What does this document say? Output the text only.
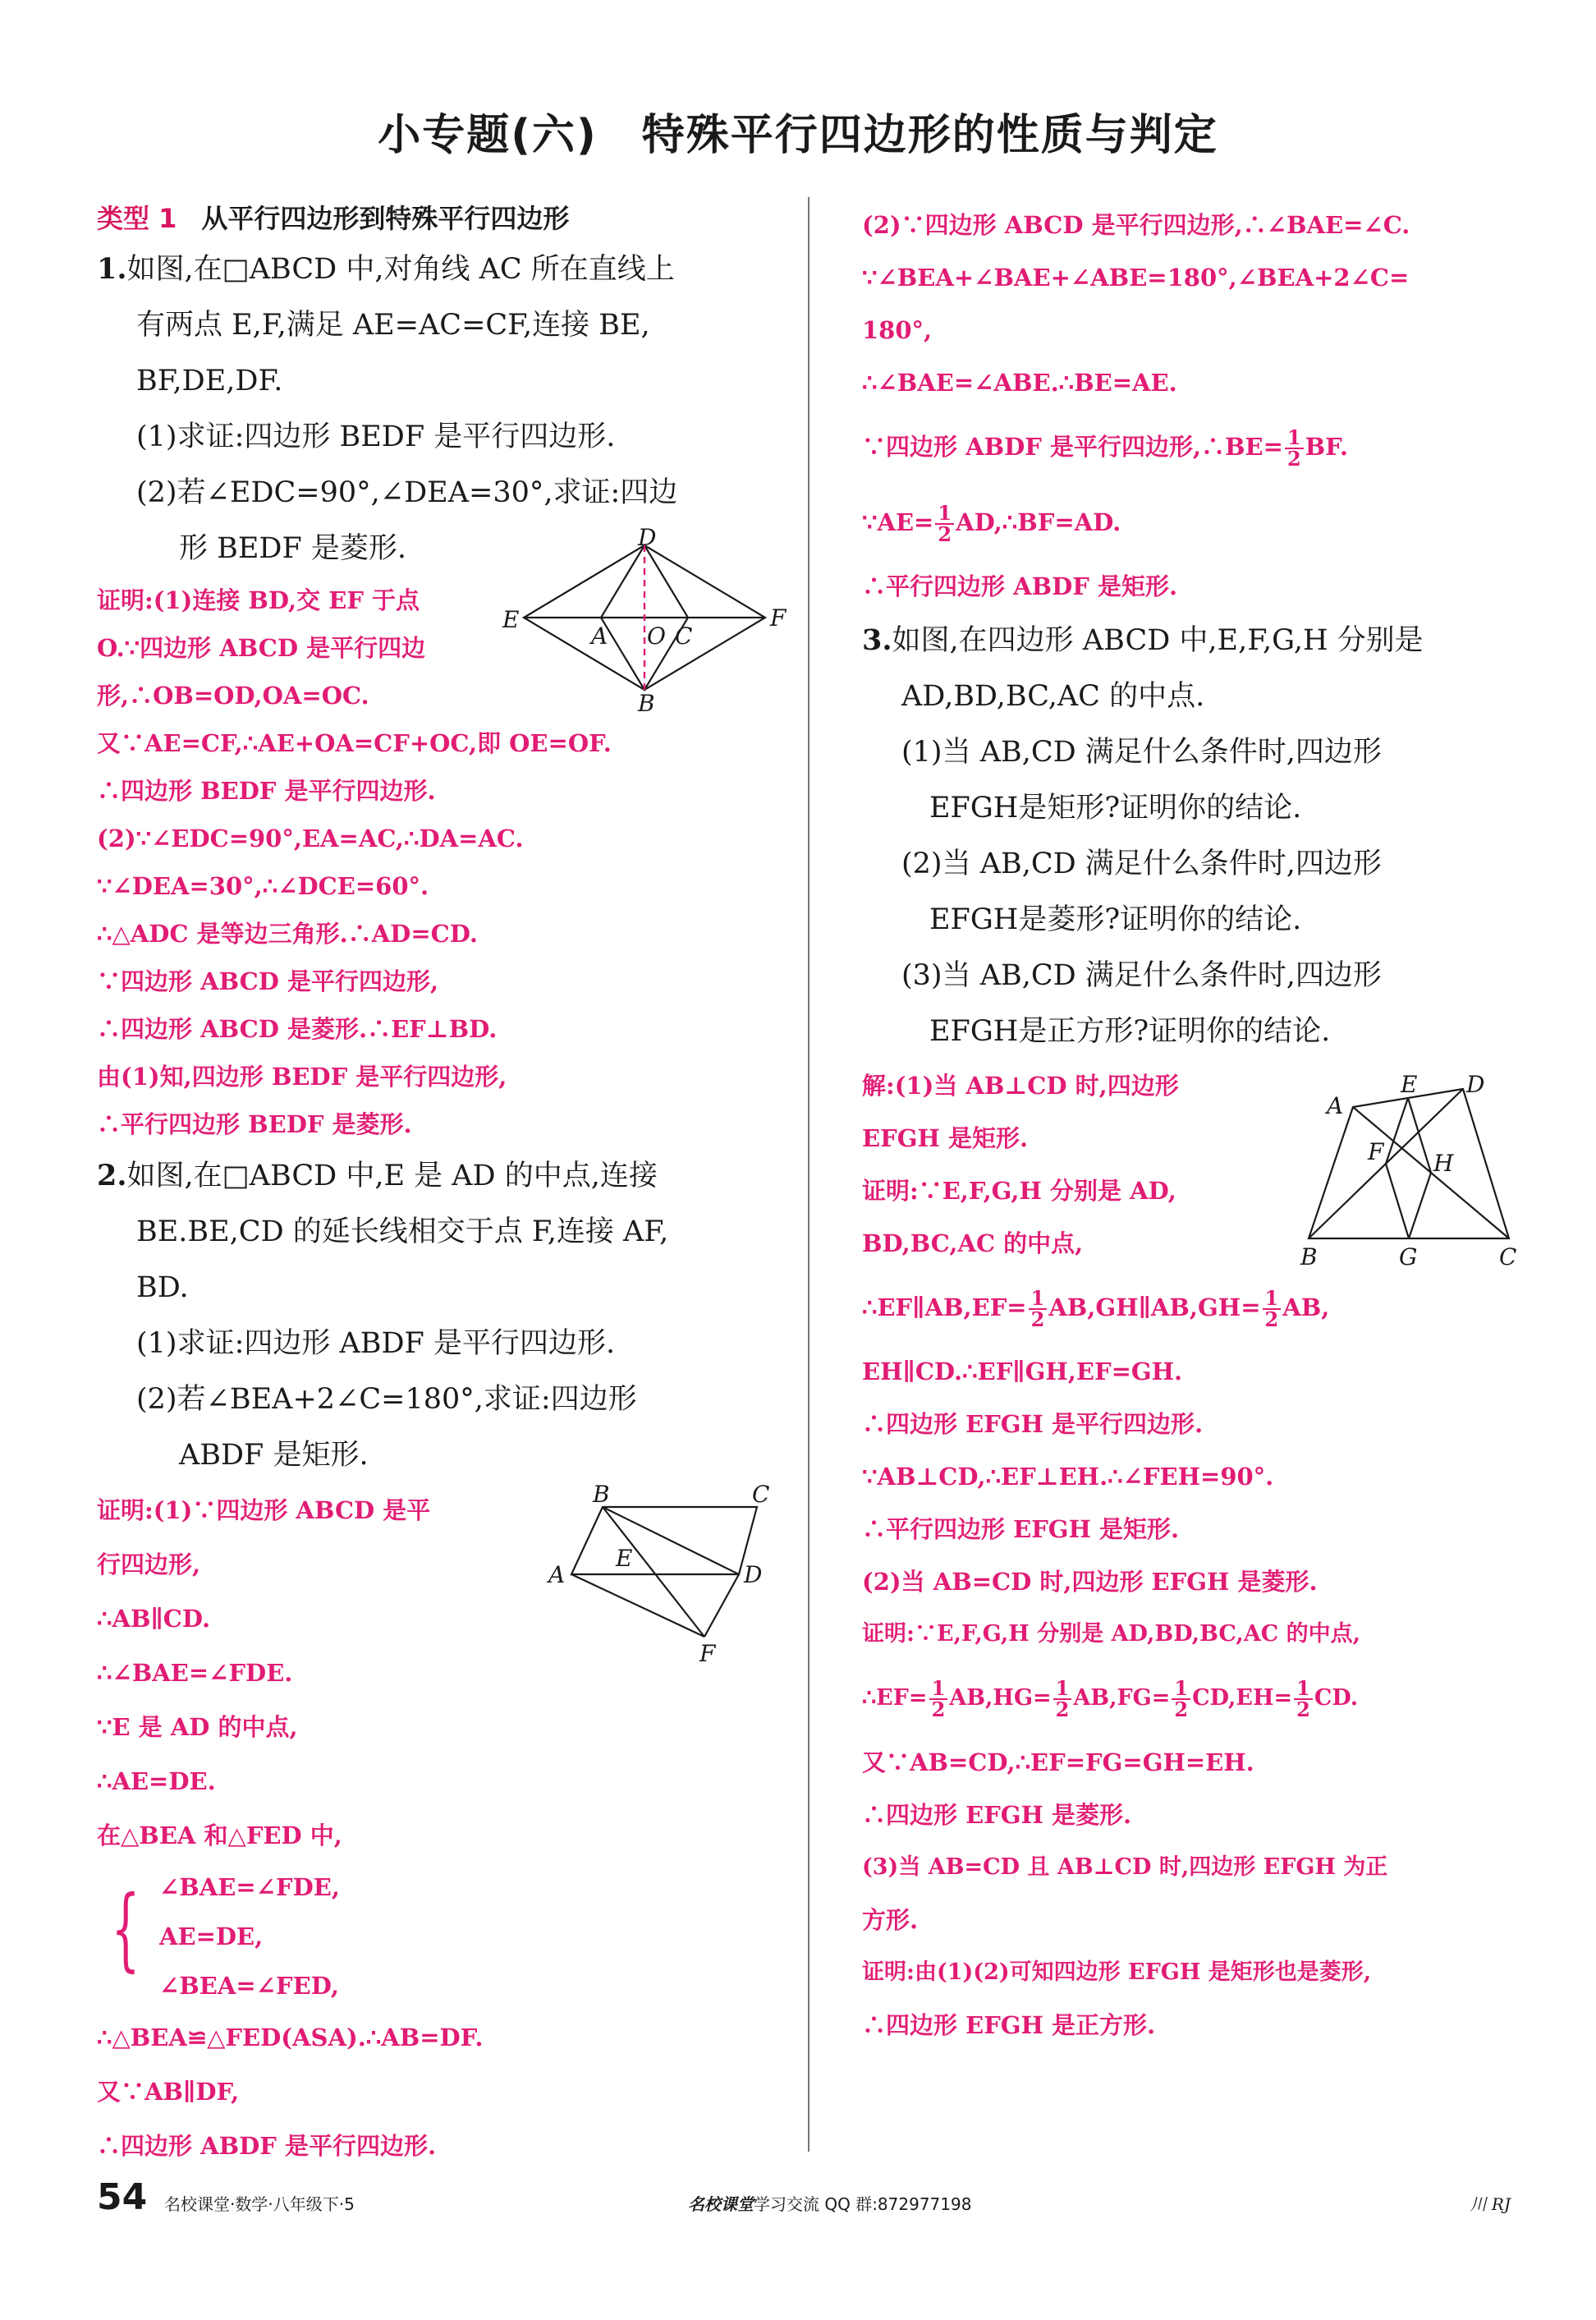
小专题(六)　特殊平行四边形的性质与判定
类型 1 从平行四边形到特殊平行四边形
1.如图,在□ABCD 中,对角线 AC 所在直线上
有两点 E,F,满足 AE=AC=CF,连接 BE,
BF,DE,DF.
(1)求证:四边形 BEDF 是平行四边形.
(2)若∠EDC=90°,∠DEA=30°,求证:四边
形 BEDF 是菱形.
证明:(1)连接 BD,交 EF 于点
O.∵四边形 ABCD 是平行四边
形,∴OB=OD,OA=OC.
又∵AE=CF,∴AE+OA=CF+OC,即 OE=OF.
∴四边形 BEDF 是平行四边形.
(2)∵∠EDC=90°,EA=AC,∴DA=AC.
∵∠DEA=30°,∴∠DCE=60°.
∴△ADC 是等边三角形.∴AD=CD.
∵四边形 ABCD 是平行四边形,
∴四边形 ABCD 是菱形.∴EF⊥BD.
由(1)知,四边形 BEDF 是平行四边形,
∴平行四边形 BEDF 是菱形.
2.如图,在□ABCD 中,E 是 AD 的中点,连接
BE.BE,CD 的延长线相交于点 F,连接 AF,
BD.
(1)求证:四边形 ABDF 是平行四边形.
(2)若∠BEA+2∠C=180°,求证:四边形
ABDF 是矩形.
证明:(1)∵四边形 ABCD 是平
行四边形,
∴AB∥CD.
∴∠BAE=∠FDE.
∵E 是 AD 的中点,
∴AE=DE.
在△BEA 和△FED 中,
{ ∠BAE=∠FDE,
AE=DE,
∠BEA=∠FED,
∴△BEA≌△FED(ASA).∴AB=DF.
又∵AB∥DF,
∴四边形 ABDF 是平行四边形.
D
E	F
A O C
B
B	C
A
E
D
F
(2)∵四边形 ABCD 是平行四边形,∴∠BAE=∠C.
∵∠BEA+∠BAE+∠ABE=180°,∠BEA+2∠C=
180°,
∴∠BAE=∠ABE.∴BE=AE.
∵四边形 ABDF 是平行四边形,∴BE= $\frac{1}{2}$ BF.
∵AE= $\frac{1}{2}$ AD,∴BF=AD.
∴平行四边形 ABDF 是矩形.
3.如图,在四边形 ABCD 中,E,F,G,H 分别是
AD,BD,BC,AC 的中点.
(1)当 AB,CD 满足什么条件时,四边形
EFGH是矩形?证明你的结论.
(2)当 AB,CD 满足什么条件时,四边形
EFGH是菱形?证明你的结论.
(3)当 AB,CD 满足什么条件时,四边形
EFGH是正方形?证明你的结论.
解:(1)当 AB⊥CD 时,四边形
EFGH 是矩形.
证明:∵E,F,G,H 分别是 AD,
BD,BC,AC 的中点,
∴EF∥AB,EF= $\frac{1}{2}$ AB,GH∥AB,GH= $\frac{1}{2}$ AB,
EH∥CD.∴EF∥GH,EF=GH.
∴四边形 EFGH 是平行四边形.
∵AB⊥CD,∴EF⊥EH.∴∠FEH=90°.
∴平行四边形 EFGH 是矩形.
(2)当 AB=CD 时,四边形 EFGH 是菱形.
证明:∵E,F,G,H 分别是 AD,BD,BC,AC 的中点,
∴EF= $\frac{1}{2} AB,HG= \frac{1}{2} AB,FG= \frac{1}{2} CD,EH= \frac{1}{2}$ CD.
又∵AB=CD,∴EF=FG=GH=EH.
∴四边形 EFGH 是菱形.
(3)当 AB=CD 且 AB⊥CD 时,四边形 EFGH 为正
方形.
证明:由(1)(2)可知四边形 EFGH 是矩形也是菱形,
∴四边形 EFGH 是正方形.
E D
A
F H
B	G	C
54 名校课堂·数学·八年级下·5	名校课堂学习交流 QQ 群:872977198	川 RJ
